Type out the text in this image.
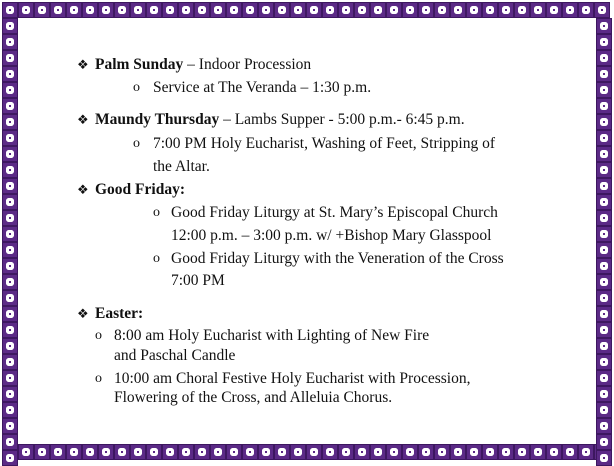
❖ Palm Sunday – Indoor Procession
o Service at The Veranda – 1:30 p.m.
❖ Maundy Thursday – Lambs Supper - 5:00 p.m.- 6:45 p.m.
o 7:00 PM Holy Eucharist, Washing of Feet, Stripping of
the Altar.
❖ Good Friday:
o Good Friday Liturgy at St. Mary’s Episcopal Church
12:00 p.m. – 3:00 p.m. w/ +Bishop Mary Glasspool
o Good Friday Liturgy with the Veneration of the Cross
7:00 PM
❖ Easter:
o 8:00 am Holy Eucharist with Lighting of New Fire
and Paschal Candle
o 10:00 am Choral Festive Holy Eucharist with Procession,
Flowering of the Cross, and Alleluia Chorus.
